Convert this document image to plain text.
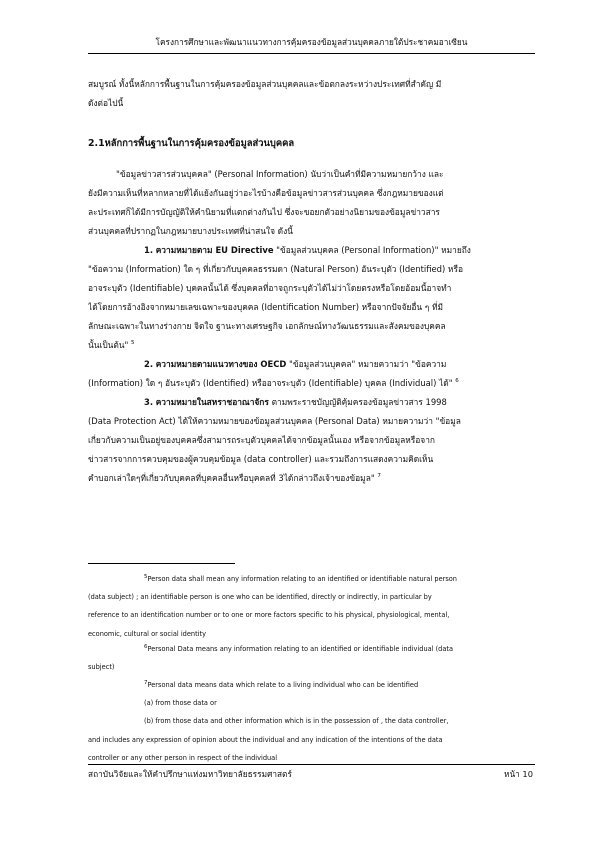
โครงการศึกษาและพัฒนาแนวทางการคุ้มครองข้อมูลส่วนบุคคลภายใต้ประชาคมอาเซียน
สมบูรณ์ ทั้งนี้หลักการพื้นฐานในการคุ้มครองข้อมูลส่วนบุคคลและข้อตกลงระหว่างประเทศที่สำคัญ มี
ดังต่อไปนี้
2.1หลักการพื้นฐานในการคุ้มครองข้อมูลส่วนบุคคล
"ข้อมูลข่าวสารส่วนบุคคล" (Personal Information) นับว่าเป็นคำที่มีความหมายกว้าง และ
ยังมีความเห็นที่หลากหลายที่ได้แย้งกันอยู่ว่าอะไรบ้างคือข้อมูลข่าวสารส่วนบุคคล ซึ่งกฎหมายของแต่
ละประเทศก็ได้มีการบัญญัติให้คำนิยามที่แตกต่างกันไป ซึ่งจะขอยกตัวอย่างนิยามของข้อมูลข่าวสาร
ส่วนบุคคลที่ปรากฏในกฎหมายบางประเทศที่น่าสนใจ ดังนี้
1. ความหมายตาม EU Directive "ข้อมูลส่วนบุคคล (Personal Information)" หมายถึง
"ข้อความ (Information) ใด ๆ ที่เกี่ยวกับบุคคลธรรมดา (Natural Person) อันระบุตัว (Identified) หรือ
อาจระบุตัว (Identifiable) บุคคลนั้นได้ ซึ่งบุคคลที่อาจถูกระบุตัวได้ไม่ว่าโดยตรงหรือโดยอ้อมนี้อาจทำ
ได้โดยการอ้างอิงจากหมายเลขเฉพาะของบุคคล (Identification Number) หรือจากปัจจัยอื่น ๆ ที่มี
ลักษณะเฉพาะในทางร่างกาย จิตใจ ฐานะทางเศรษฐกิจ เอกลักษณ์ทางวัฒนธรรมและสังคมของบุคคล
นั้นเป็นต้น" $^5$
2. ความหมายตามแนวทางของ OECD "ข้อมูลส่วนบุคคล" หมายความว่า "ข้อความ
(Information) ใด ๆ อันระบุตัว (Identified) หรืออาจระบุตัว (Identifiable) บุคคล (Individual) ได้" $^6$
3. ความหมายในสหราชอาณาจักร ตามพระราชบัญญัติคุ้มครองข้อมูลข่าวสาร 1998
(Data Protection Act) ได้ให้ความหมายของข้อมูลส่วนบุคคล (Personal Data) หมายความว่า "ข้อมูล
เกี่ยวกับความเป็นอยู่ของบุคคลซึ่งสามารถระบุตัวบุคคลได้จากข้อมูลนั้นเอง หรือจากข้อมูลหรือจาก
ข่าวสารจากการควบคุมของผู้ควบคุมข้อมูล (data controller) และรวมถึงการแสดงความคิดเห็น
คำบอกเล่าใดๆที่เกี่ยวกับบุคคลที่บุคคลอื่นหรือบุคคลที่ 3ได้กล่าวถึงเจ้าของข้อมูล" $^7$
$^5$Person data shall mean any information relating to an identified or identifiable natural person
(data subject) ; an identifiable person is one who can be identified, directly or indirectly, in particular by
reference to an identification number or to one or more factors specific to his physical, physiological, mental,
economic, cultural or social identity
$^6$Personal Data means any information relating to an identified or identifiable individual (data
subject)
$^7$Personal data means data which relate to a living individual who can be identified
(a) from those data or
(b) from those data and other information which is in the possession of , the data controller,
and includes any expression of opinion about the individual and any indication of the intentions of the data
controller or any other person in respect of the individual
สถาบันวิจัยและให้คำปรึกษาแห่งมหาวิทยาลัยธรรมศาสตร์	หน้า 10
